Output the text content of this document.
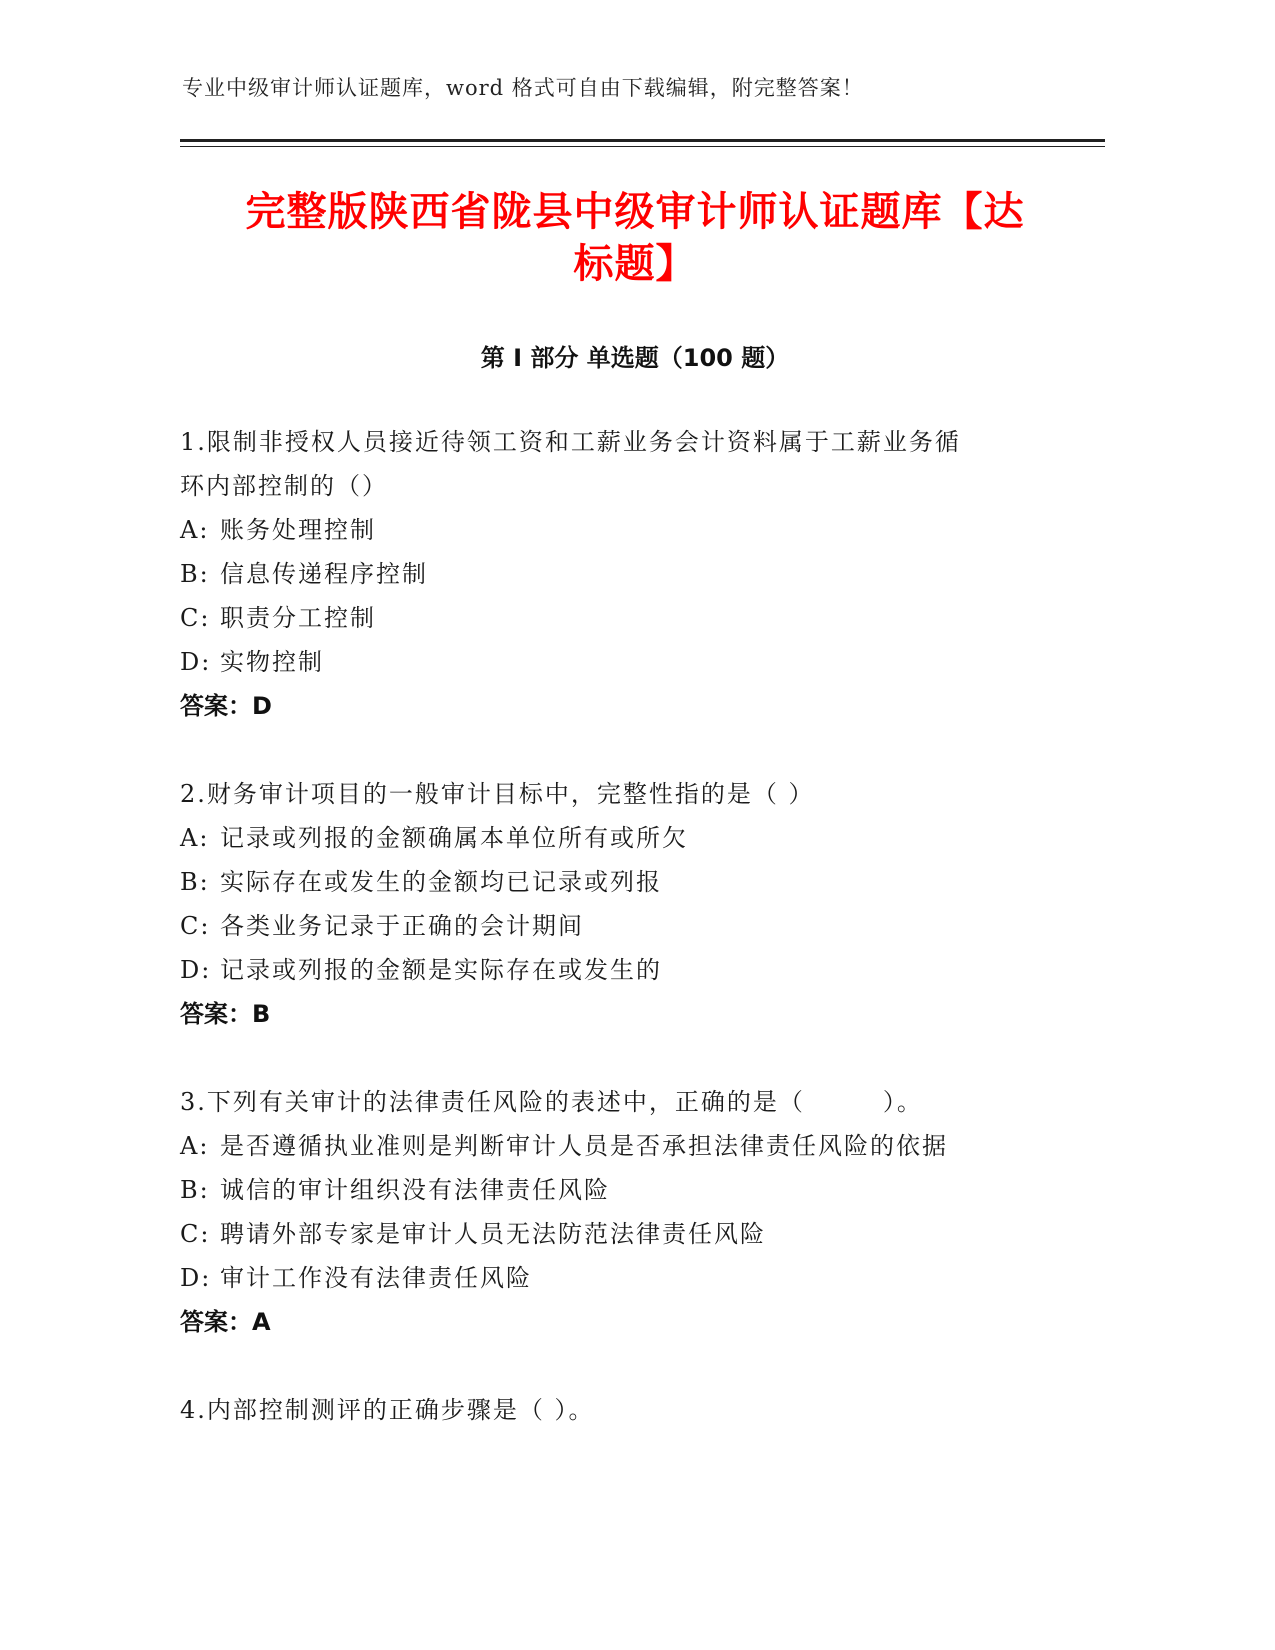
专业中级审计师认证题库，word 格式可自由下载编辑，附完整答案！
完整版陕西省陇县中级审计师认证题库【达
标题】
第 I 部分 单选题（100 题）
1.限制非授权人员接近待领工资和工薪业务会计资料属于工薪业务循
环内部控制的（）
A: 账务处理控制
B: 信息传递程序控制
C: 职责分工控制
D: 实物控制
答案：D
2.财务审计项目的一般审计目标中，完整性指的是（ ）
A: 记录或列报的金额确属本单位所有或所欠
B: 实际存在或发生的金额均已记录或列报
C: 各类业务记录于正确的会计期间
D: 记录或列报的金额是实际存在或发生的
答案：B
3.下列有关审计的法律责任风险的表述中，正确的是（　　　）。
A: 是否遵循执业准则是判断审计人员是否承担法律责任风险的依据
B: 诚信的审计组织没有法律责任风险
C: 聘请外部专家是审计人员无法防范法律责任风险
D: 审计工作没有法律责任风险
答案：A
4.内部控制测评的正确步骤是（ ）。
